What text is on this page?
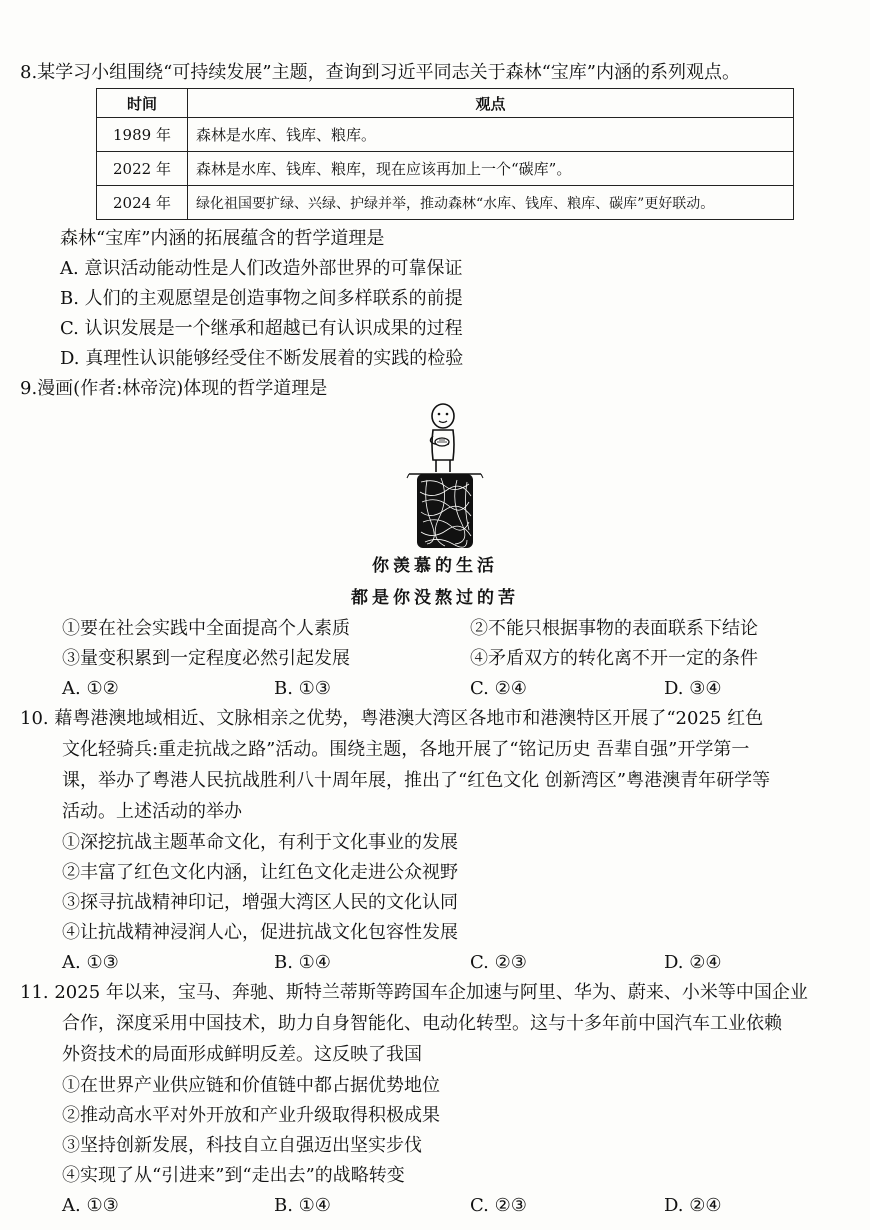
8.某学习小组围绕“可持续发展”主题，查询到习近平同志关于森林“宝库”内涵的系列观点。
时间	观点
1989 年	森林是水库、钱库、粮库。
2022 年	森林是水库、钱库、粮库，现在应该再加上一个“碳库”。
2024 年	绿化祖国要扩绿、兴绿、护绿并举，推动森林“水库、钱库、粮库、碳库”更好联动。
森林“宝库”内涵的拓展蕴含的哲学道理是
A. 意识活动能动性是人们改造外部世界的可靠保证
B. 人们的主观愿望是创造事物之间多样联系的前提
C. 认识发展是一个继承和超越已有认识成果的过程
D. 真理性认识能够经受住不断发展着的实践的检验
9.漫画(作者:林帝浣)体现的哲学道理是
你羡慕的生活
都是你没熬过的苦
①要在社会实践中全面提高个人素质	②不能只根据事物的表面联系下结论
③量变积累到一定程度必然引起发展	④矛盾双方的转化离不开一定的条件
A. ①②	B. ①③	C. ②④	D. ③④
10. 藉粤港澳地域相近、文脉相亲之优势，粤港澳大湾区各地市和港澳特区开展了“2025 红色
文化轻骑兵:重走抗战之路”活动。围绕主题，各地开展了“铭记历史 吾辈自强”开学第一
课，举办了粤港人民抗战胜利八十周年展，推出了“红色文化 创新湾区”粤港澳青年研学等
活动。上述活动的举办
①深挖抗战主题革命文化，有利于文化事业的发展
②丰富了红色文化内涵，让红色文化走进公众视野
③探寻抗战精神印记，增强大湾区人民的文化认同
④让抗战精神浸润人心，促进抗战文化包容性发展
A. ①③	B. ①④	C. ②③	D. ②④
11. 2025 年以来，宝马、奔驰、斯特兰蒂斯等跨国车企加速与阿里、华为、蔚来、小米等中国企业
合作，深度采用中国技术，助力自身智能化、电动化转型。这与十多年前中国汽车工业依赖
外资技术的局面形成鲜明反差。这反映了我国
①在世界产业供应链和价值链中都占据优势地位
②推动高水平对外开放和产业升级取得积极成果
③坚持创新发展，科技自立自强迈出坚实步伐
④实现了从“引进来”到“走出去”的战略转变
A. ①③	B. ①④	C. ②③	D. ②④
